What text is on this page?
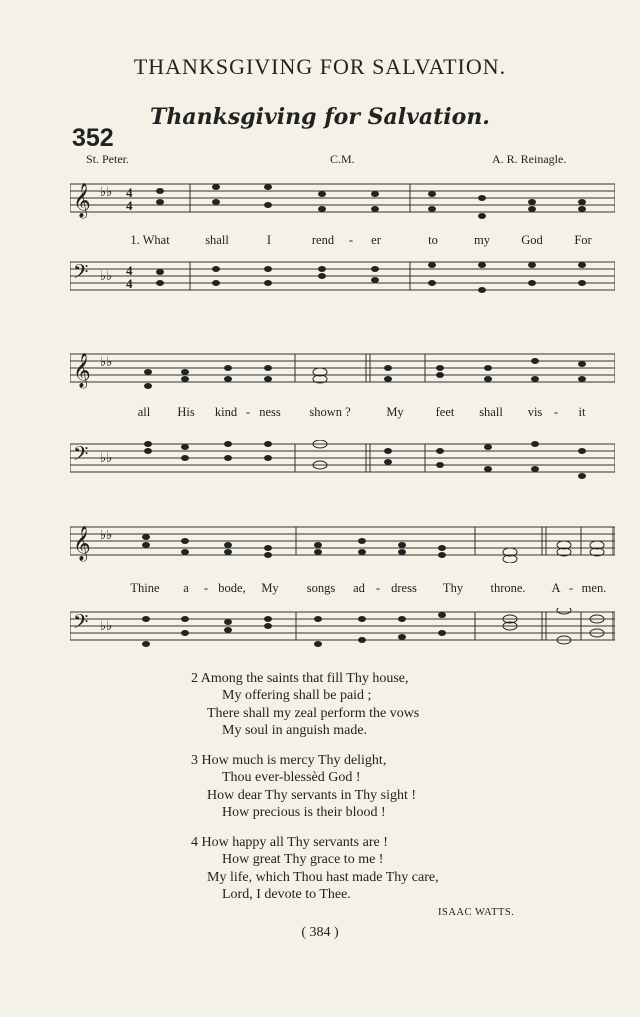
THANKSGIVING FOR SALVATION.
Thanksgiving for Salvation.
352
St. Peter.	C.M.	A. R. Reinagle.
𝄞 ♭♭ 4
4
1. What	shall	I	rend - er	to	my God	For
𝄢 ♭♭ 4
4
𝄞 ♭♭
all His kind - ness shown ?	My	feet shall vis - it
𝄢 ♭♭
𝄞 ♭♭
Thine a - bode, My songs ad - dress Thy throne. A - men.
𝄢 ♭♭
2 Among the saints that fill Thy house,
My offering shall be paid ;
There shall my zeal perform the vows
My soul in anguish made.
3 How much is mercy Thy delight,
Thou ever-blessèd God !
How dear Thy servants in Thy sight !
How precious is their blood !
4 How happy all Thy servants are !
How great Thy grace to me !
My life, which Thou hast made Thy care,
Lord, I devote to Thee.
ISAAC WATTS.
( 384 )
